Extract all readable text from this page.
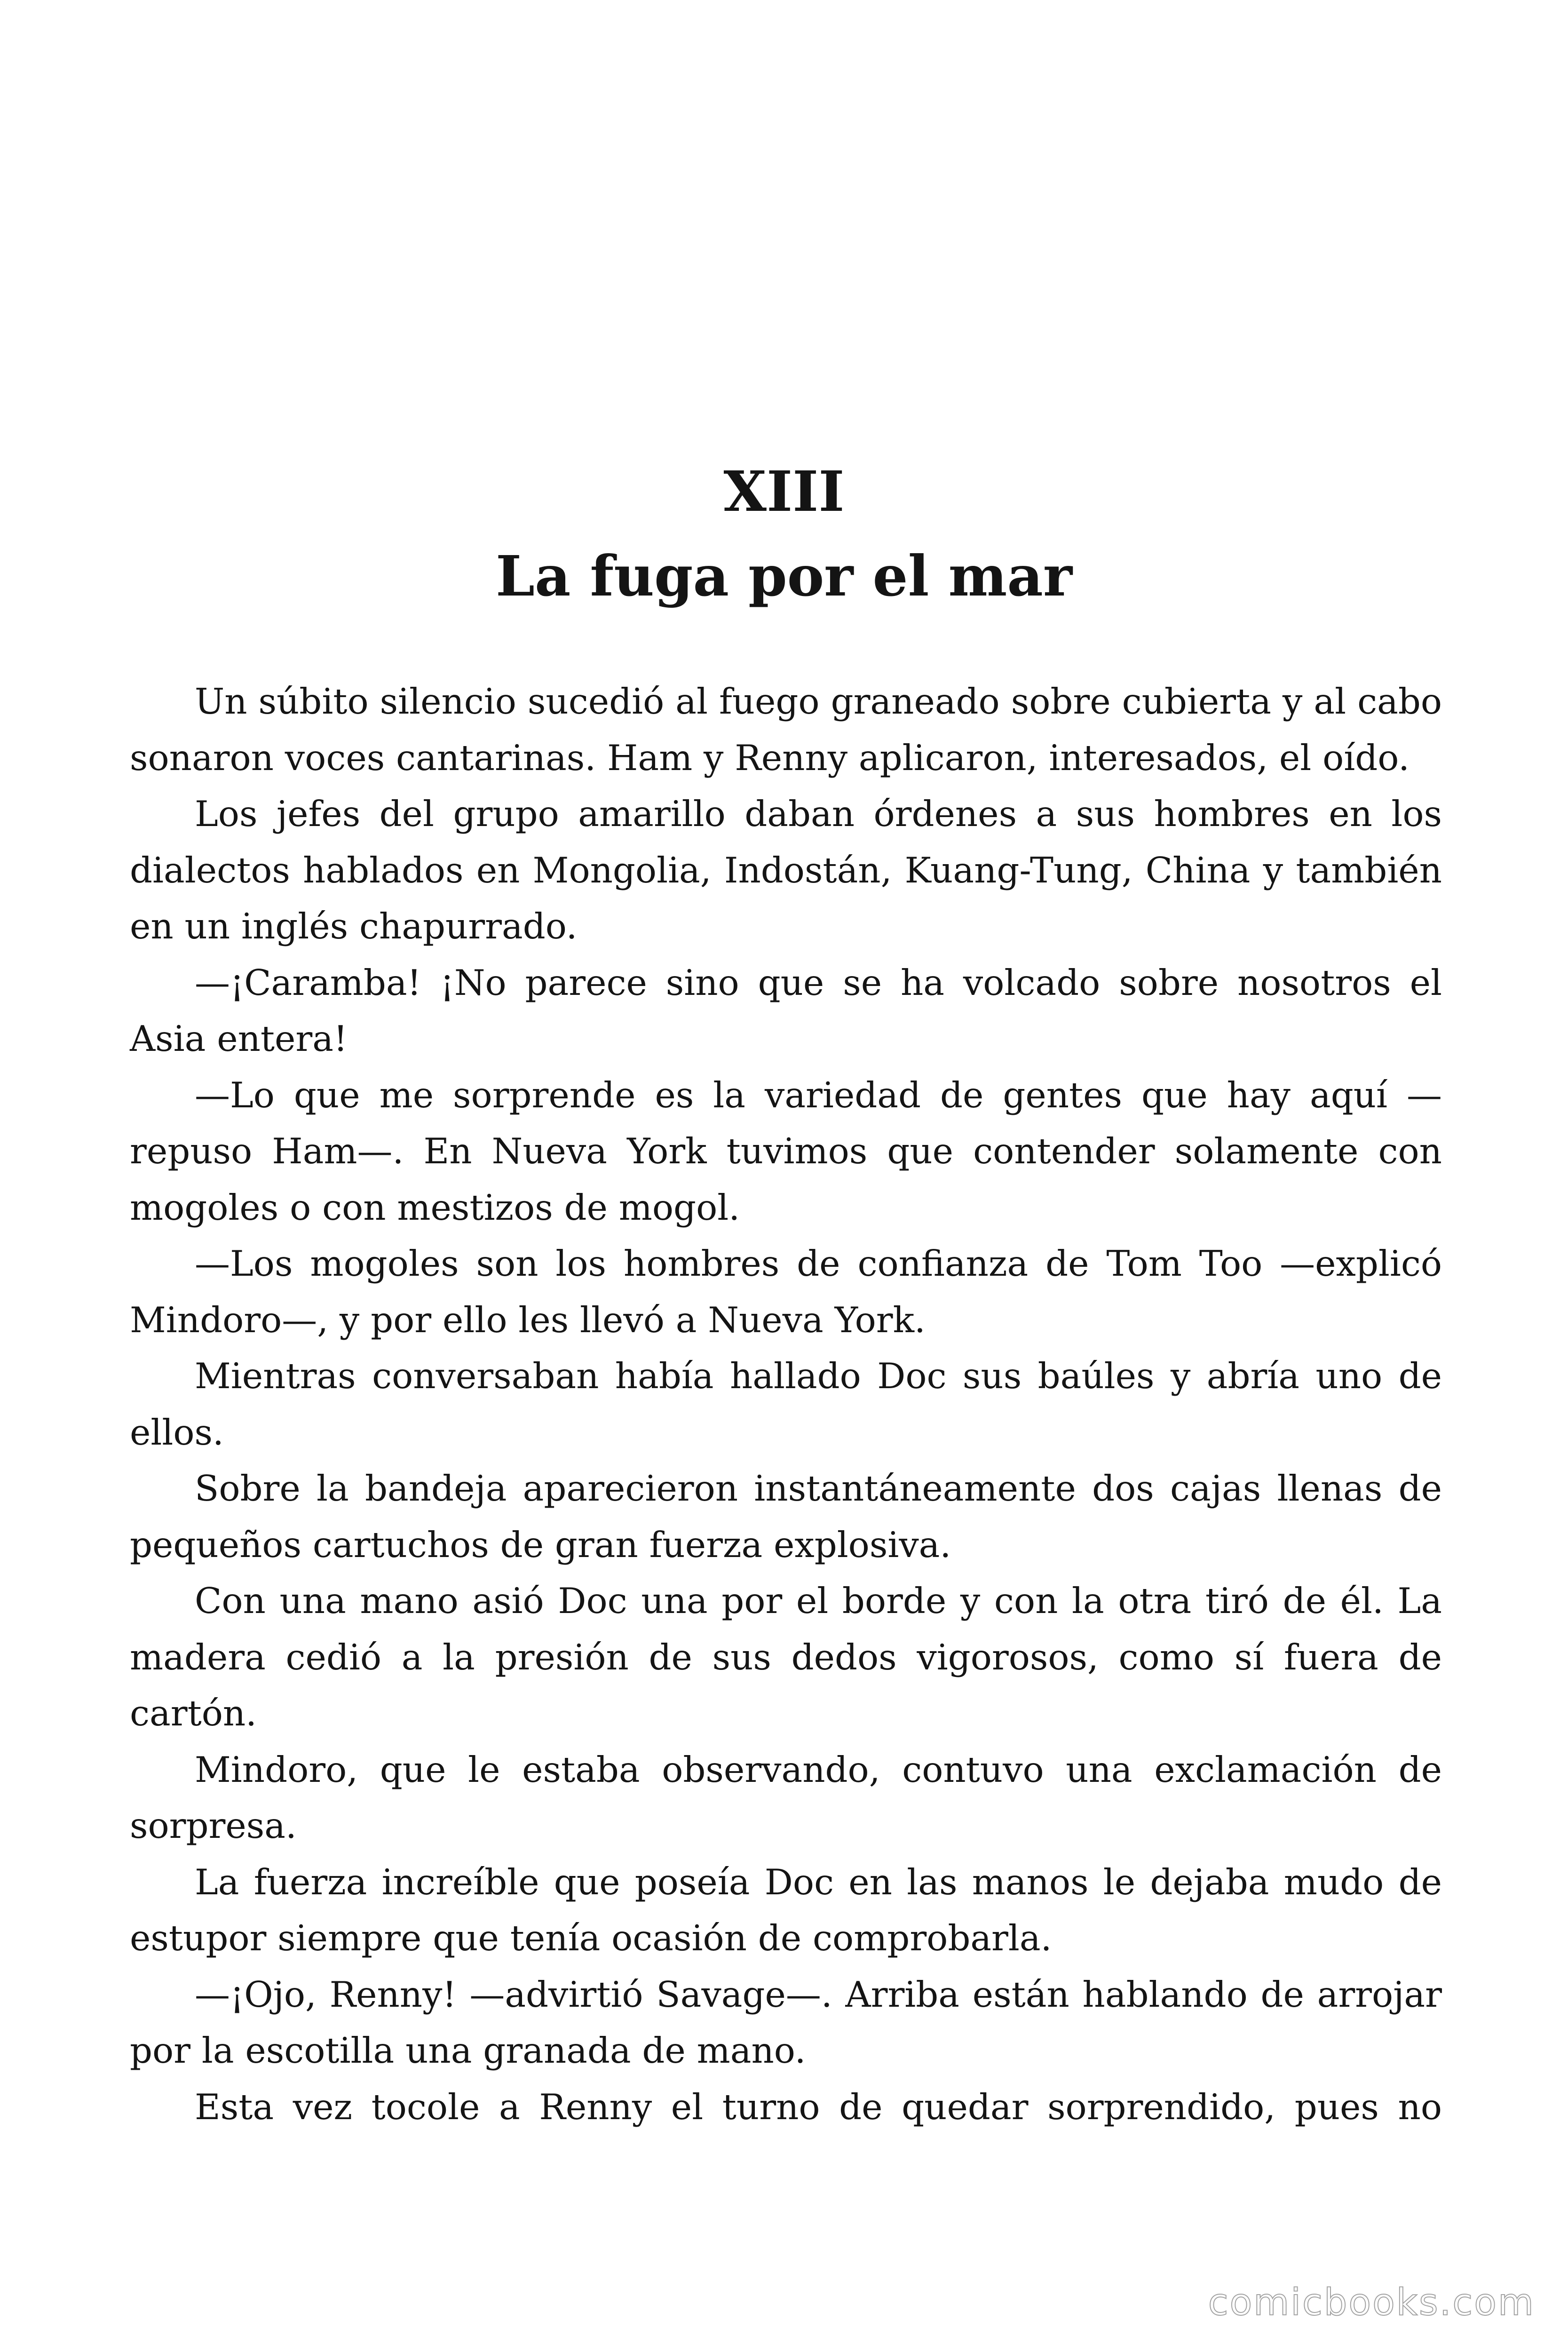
XIII
La fuga por el mar

Un súbito silencio sucedió al fuego graneado sobre cubierta y al cabo sonaron voces cantarinas. Ham y Renny aplicaron, interesados, el oído.

Los jefes del grupo amarillo daban órdenes a sus hombres en los dialectos hablados en Mongolia, Indostán, Kuang-Tung, China y también en un inglés chapurrado.

—¡Caramba! ¡No parece sino que se ha volcado sobre nosotros el Asia entera!

—Lo que me sorprende es la variedad de gentes que hay aquí —repuso Ham—. En Nueva York tuvimos que contender solamente con mogoles o con mestizos de mogol.

—Los mogoles son los hombres de confianza de Tom Too —explicó Mindoro—, y por ello les llevó a Nueva York.

Mientras conversaban había hallado Doc sus baúles y abría uno de ellos.

Sobre la bandeja aparecieron instantáneamente dos cajas llenas de pequeños cartuchos de gran fuerza explosiva.

Con una mano asió Doc una por el borde y con la otra tiró de él. La madera cedió a la presión de sus dedos vigorosos, como sí fuera de cartón.

Mindoro, que le estaba observando, contuvo una exclamación de sorpresa.

La fuerza increíble que poseía Doc en las manos le dejaba mudo de estupor siempre que tenía ocasión de comprobarla.

—¡Ojo, Renny! —advirtió Savage—. Arriba están hablando de arrojar por la escotilla una granada de mano.

Esta vez tocole a Renny el turno de quedar sorprendido, pues no

comicbooks.com
